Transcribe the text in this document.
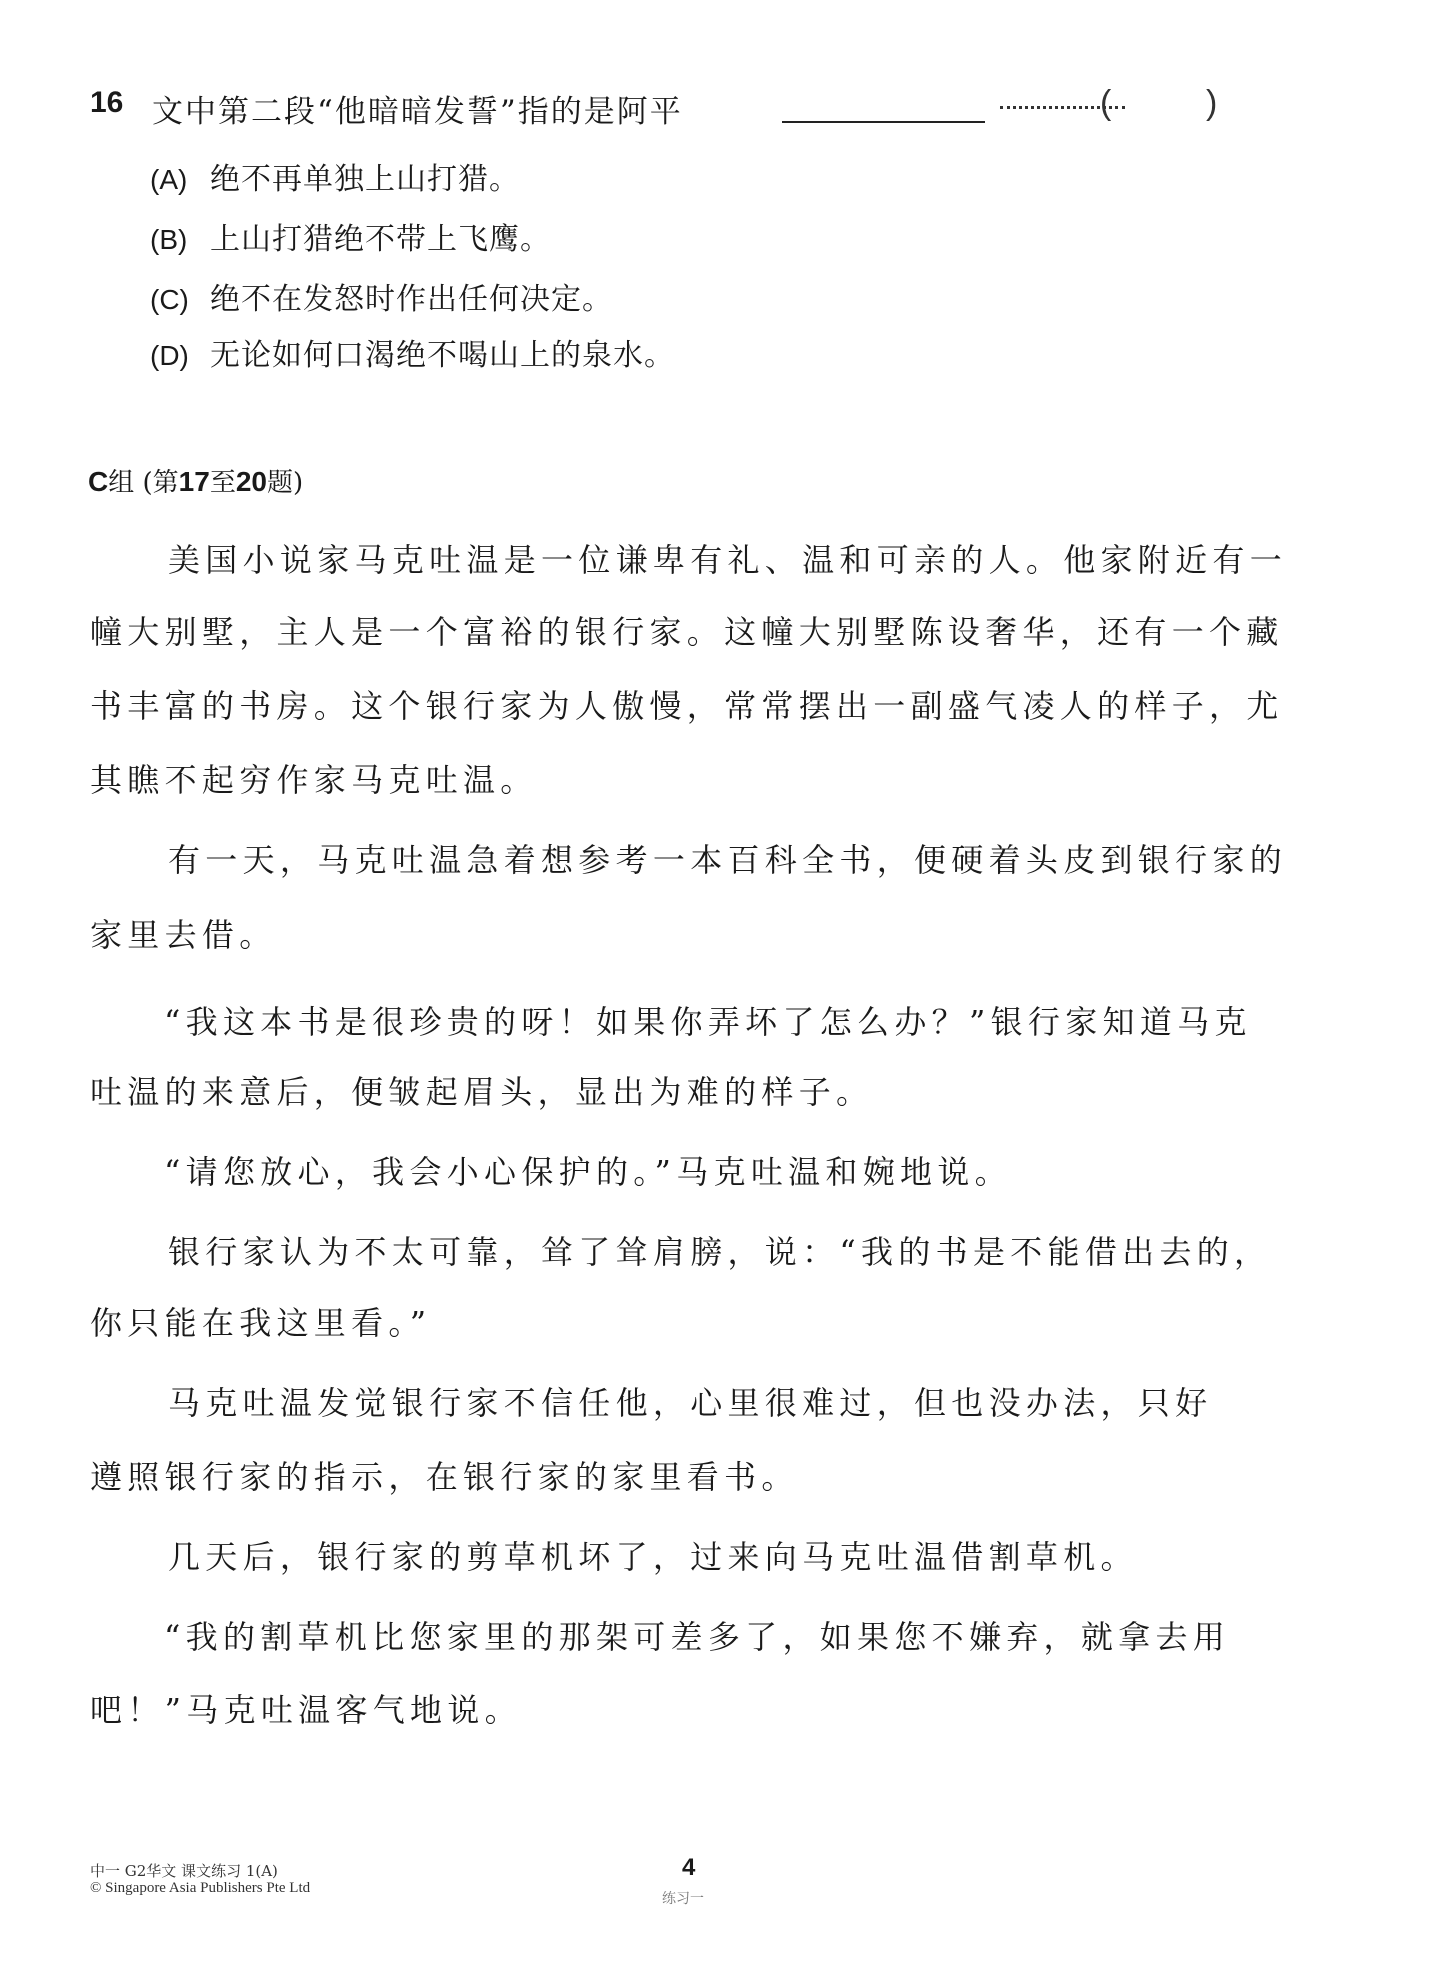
16 文中第二段“他暗暗发誓”指的是阿平	(	)
(A) 绝不再单独上山打猎。
(B) 上山打猎绝不带上飞鹰。
(C) 绝不在发怒时作出任何决定。
(D) 无论如何口渴绝不喝山上的泉水。
C组 (第17至20题)
美国小说家马克吐温是一位谦卑有礼、温和可亲的人。他家附近有一
幢大别墅，主人是一个富裕的银行家。这幢大别墅陈设奢华，还有一个藏
书丰富的书房。这个银行家为人傲慢，常常摆出一副盛气凌人的样子，尤
其瞧不起穷作家马克吐温。
有一天，马克吐温急着想参考一本百科全书，便硬着头皮到银行家的
家里去借。
“我这本书是很珍贵的呀！如果你弄坏了怎么办？”银行家知道马克
吐温的来意后，便皱起眉头，显出为难的样子。
“请您放心，我会小心保护的。”马克吐温和婉地说。
银行家认为不太可靠，耸了耸肩膀，说：“我的书是不能借出去的，
你只能在我这里看。”
马克吐温发觉银行家不信任他，心里很难过，但也没办法，只好
遵照银行家的指示，在银行家的家里看书。
几天后，银行家的剪草机坏了，过来向马克吐温借割草机。
“我的割草机比您家里的那架可差多了，如果您不嫌弃，就拿去用
吧！”马克吐温客气地说。
中一 G2华文 课文练习 1(A)
© Singapore Asia Publishers Pte Ltd
4
练习一
